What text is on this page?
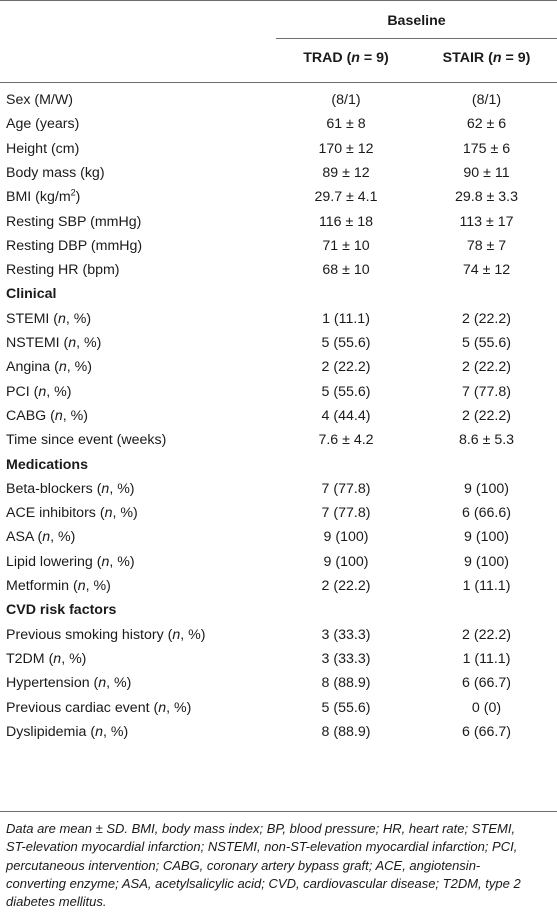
Baseline
TRAD (n = 9)	STAIR (n = 9)
Sex (M/W)	(8/1)	(8/1)
Age (years)	61 ± 8	62 ± 6
Height (cm)	170 ± 12	175 ± 6
Body mass (kg)	89 ± 12	90 ± 11
BMI $(kg/m^2)$	29.7 ± 4.1	29.8 ± 3.3
Resting SBP (mmHg)	116 ± 18	113 ± 17
Resting DBP (mmHg)	71 ± 10	78 ± 7
Resting HR (bpm)	68 ± 10	74 ± 12
Clinical
STEMI (n, %)	1 (11.1)	2 (22.2)
NSTEMI (n, %)	5 (55.6)	5 (55.6)
Angina (n, %)	2 (22.2)	2 (22.2)
PCI (n, %)	5 (55.6)	7 (77.8)
CABG (n, %)	4 (44.4)	2 (22.2)
Time since event (weeks)	7.6 ± 4.2	8.6 ± 5.3
Medications
Beta-blockers (n, %)	7 (77.8)	9 (100)
ACE inhibitors (n, %)	7 (77.8)	6 (66.6)
ASA (n, %)	9 (100)	9 (100)
Lipid lowering (n, %)	9 (100)	9 (100)
Metformin (n, %)	2 (22.2)	1 (11.1)
CVD risk factors
Previous smoking history (n, %)	3 (33.3)	2 (22.2)
T2DM (n, %)	3 (33.3)	1 (11.1)
Hypertension (n, %)	8 (88.9)	6 (66.7)
Previous cardiac event (n, %)	5 (55.6)	0 (0)
Dyslipidemia (n, %)	8 (88.9)	6 (66.7)
Data are mean ± SD. BMI, body mass index; BP, blood pressure; HR, heart rate; STEMI,
ST-elevation myocardial infarction; NSTEMI, non-ST-elevation myocardial infarction; PCI,
percutaneous intervention; CABG, coronary artery bypass graft; ACE, angiotensin-
converting enzyme; ASA, acetylsalicylic acid; CVD, cardiovascular disease; T2DM, type 2
diabetes mellitus.
